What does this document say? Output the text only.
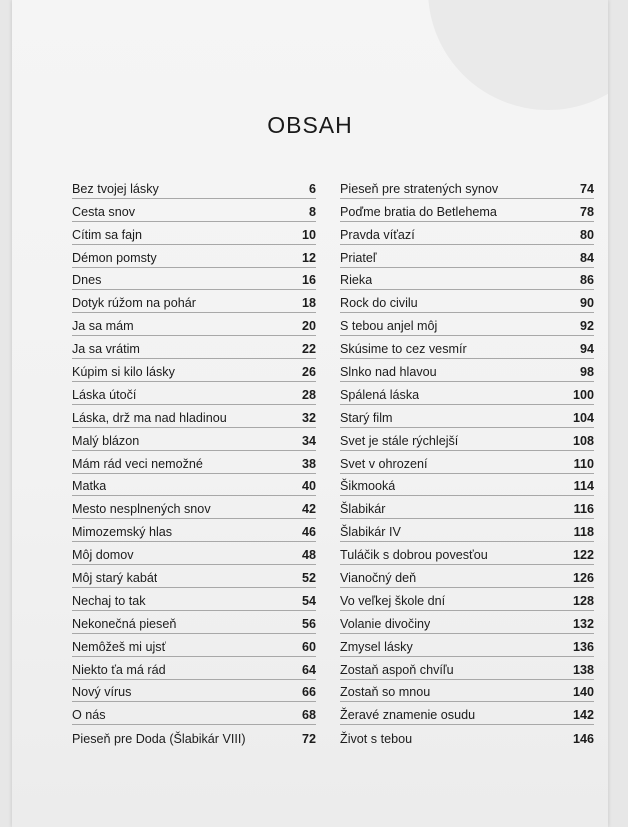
OBSAH
Bez tvojej lásky	6
Cesta snov	8
Cítim sa fajn	10
Démon pomsty	12
Dnes	16
Dotyk rúžom na pohár	18
Ja sa mám	20
Ja sa vrátim	22
Kúpim si kilo lásky	26
Láska útočí	28
Láska, drž ma nad hladinou	32
Malý blázon	34
Mám rád veci nemožné	38
Matka	40
Mesto nesplnených snov	42
Mimozemský hlas	46
Môj domov	48
Môj starý kabát	52
Nechaj to tak	54
Nekonečná pieseň	56
Nemôžeš mi ujsť	60
Niekto ťa má rád	64
Nový vírus	66
O nás	68
Pieseň pre Doda (Šlabikár VIII)	72
Pieseň pre stratených synov	74
Poďme bratia do Betlehema	78
Pravda víťazí	80
Priateľ	84
Rieka	86
Rock do civilu	90
S tebou anjel môj	92
Skúsime to cez vesmír	94
Slnko nad hlavou	98
Spálená láska	100
Starý film	104
Svet je stále rýchlejší	108
Svet v ohrození	110
Šikmooká	114
Šlabikár	116
Šlabikár IV	118
Tuláčik s dobrou povesťou	122
Vianočný deň	126
Vo veľkej škole dní	128
Volanie divočiny	132
Zmysel lásky	136
Zostaň aspoň chvíľu	138
Zostaň so mnou	140
Žeravé znamenie osudu	142
Život s tebou	146
